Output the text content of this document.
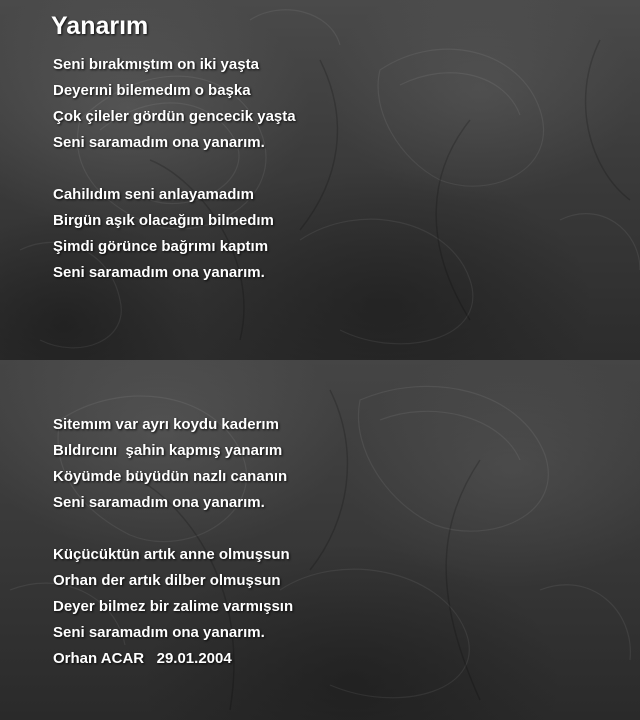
Yanarım
Seni bırakmıştım on iki yaşta
Deyerıni bilemedım o başka
Çok çileler gördün gencecik yaşta
Seni saramadım ona yanarım.
Cahilıdım seni anlayamadım
Birgün aşık olacağım bilmedım
Şimdi görünce bağrımı kaptım
Seni saramadım ona yanarım.
Sitemım var ayrı koydu kaderım
Bıldırcını  şahin kapmış yanarım
Köyümde büyüdün nazlı cananın
Seni saramadım ona yanarım.
Küçücüktün artık anne olmuşsun
Orhan der artık dilber olmuşsun
Deyer bilmez bir zalime varmışsın
Seni saramadım ona yanarım.
Orhan ACAR   29.01.2004
